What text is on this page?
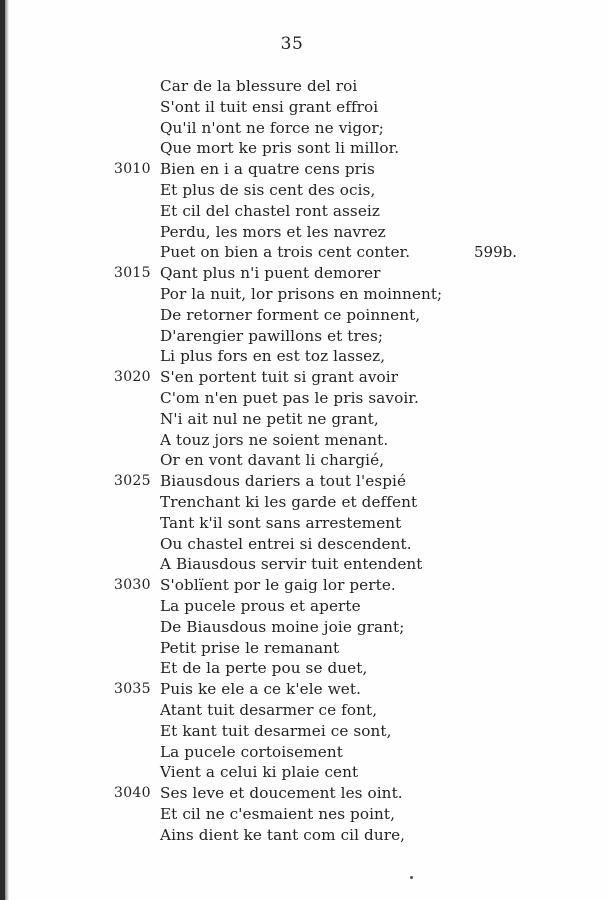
35
Car de la blessure del roi
S'ont il tuit ensi grant effroi
Qu'il n'ont ne force ne vigor;
Que mort ke pris sont li millor.
3010 Bien en i a quatre cens pris
Et plus de sis cent des ocis,
Et cil del chastel ront asseiz
Perdu, les mors et les navrez
Puet on bien a trois cent conter.	599b.
3015 Qant plus n'i puent demorer
Por la nuit, lor prisons en moinnent;
De retorner forment ce poinnent,
D'arengier pawillons et tres;
Li plus fors en est toz lassez,
3020 S'en portent tuit si grant avoir
C'om n'en puet pas le pris savoir.
N'i ait nul ne petit ne grant,
A touz jors ne soient menant.
Or en vont davant li chargié,
3025 Biausdous dariers a tout l'espié
Trenchant ki les garde et deffent
Tant k'il sont sans arrestement
Ou chastel entrei si descendent.
A Biausdous servir tuit entendent
3030 S'oblïent por le gaig lor perte.
La pucele prous et aperte
De Biausdous moine joie grant;
Petit prise le remanant
Et de la perte pou se duet,
3035 Puis ke ele a ce k'ele wet.
Atant tuit desarmer ce font,
Et kant tuit desarmei ce sont,
La pucele cortoisement
Vient a celui ki plaie cent
3040 Ses leve et doucement les oint.
Et cil ne c'esmaient nes point,
Ains dient ke tant com cil dure,
